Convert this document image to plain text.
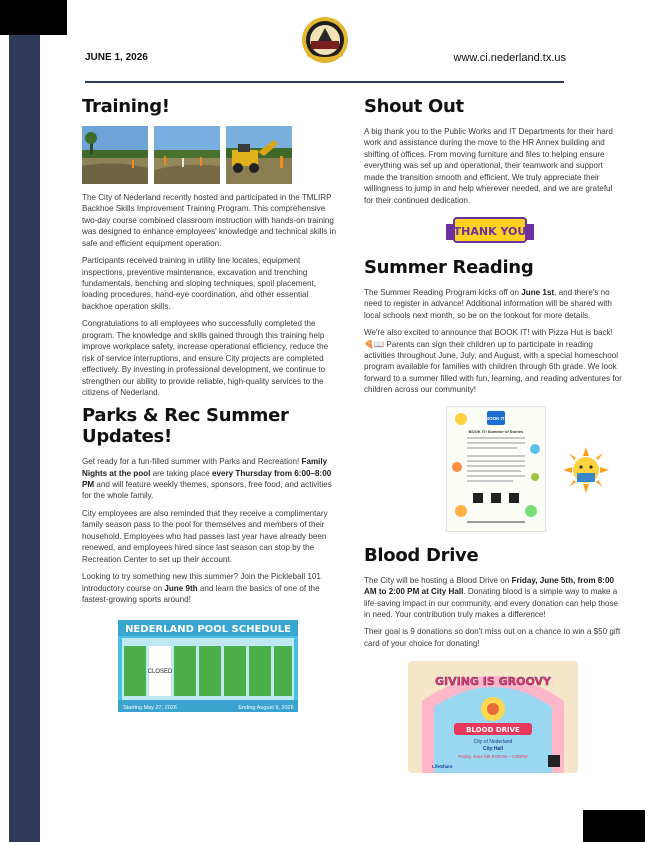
JUNE 1, 2026	www.ci.nederland.tx.us
Training!

The City of Nederland recently hosted and participated in the TMLIRP Backhoe Skills Improvement Training Program. This comprehensive two-day course combined classroom instruction with hands-on training was designed to enhance employees' knowledge and technical skills in safe and efficient equipment operation.

Participants received training in utility line locates, equipment inspections, preventive maintenance, excavation and trenching fundamentals, benching and sloping techniques, spoil placement, loading procedures, hand-eye coordination, and other essential backhoe operation skills.

Congratulations to all employees who successfully completed the program. The knowledge and skills gained through this training help improve workplace safety, increase operational efficiency, reduce the risk of service interruptions, and ensure City projects are completed effectively. By investing in professional development, we continue to strengthen our ability to provide reliable, high-quality services to the citizens of Nederland.

Parks & Rec Summer Updates!

Get ready for a fun-filled summer with Parks and Recreation! Family Nights at the pool are taking place every Thursday from 6:00–8:00 PM and will feature weekly themes, sponsors, free food, and activities for the whole family.

City employees are also reminded that they receive a complimentary family season pass to the pool for themselves and members of their household. Employees who had passes last year have already been renewed, and employees hired since last season can stop by the Recreation Center to set up their account.

Looking to try something new this summer? Join the Pickleball 101 introductory course on June 9th and learn the basics of one of the fastest-growing sports around!

NEDERLAND POOL SCHEDULE
CLOSED
Starting May 27, 2026	Ending August 9, 2026
Shout Out

A big thank you to the Public Works and IT Departments for their hard work and assistance during the move to the HR Annex building and shifting of offices. From moving furniture and files to helping ensure everything was set up and operational, their teamwork and support made the transition smooth and efficient. We truly appreciate their willingness to jump in and help wherever needed, and we are grateful for their continued dedication.

THANK YOU
Summer Reading

The Summer Reading Program kicks off on June 1st, and there's no need to register in advance! Additional information will be shared with local schools next month, so be on the lookout for more details.

We're also excited to announce that BOOK IT! with Pizza Hut is back! 🍕📖 Parents can sign their children up to participate in reading activities throughout June, July, and August, with a special homeschool program available for families with children through 6th grade. We look forward to a summer filled with fun, learning, and reading adventures for children across our community!

BOOK IT!
BOOK IT! Summer of Stories
Blood Drive

The City will be hosting a Blood Drive on Friday, June 5th, from 8:00 AM to 2:00 PM at City Hall. Donating blood is a simple way to make a life-saving impact in our community, and every donation can help those in need. Your contribution truly makes a difference!

Their goal is 9 donations so don't miss out on a chance to win a $50 gift card of your choice for donating!

GIVING IS GROOVY
BLOOD DRIVE
City of Nederland
City Hall
Friday, June 5th 8:00AM – 2:00PM
LifeShare
